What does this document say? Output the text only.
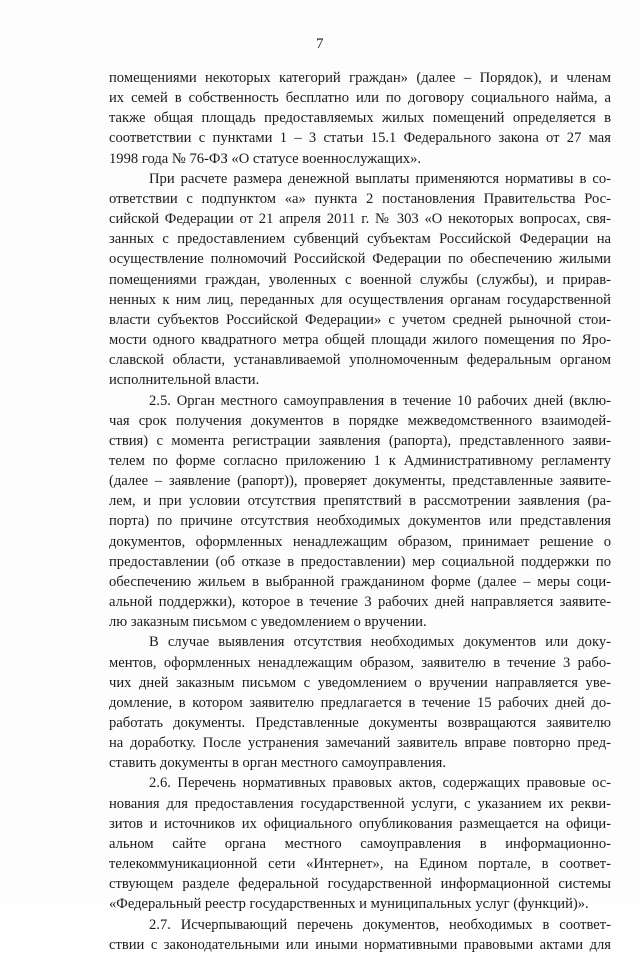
7

помещениями некоторых категорий граждан» (далее – Порядок), и членам

их семей в собственность бесплатно или по договору социального найма, а

также общая площадь предоставляемых жилых помещений определяется в

соответствии с пунктами 1 – 3 статьи 15.1 Федерального закона от 27 мая

1998 года № 76-ФЗ «О статусе военнослужащих».

При расчете размера денежной выплаты применяются нормативы в со-

ответствии с подпунктом «а» пункта 2 постановления Правительства Рос-

сийской Федерации от 21 апреля 2011 г. № 303 «О некоторых вопросах, свя-

занных с предоставлением субвенций субъектам Российской Федерации на

осуществление полномочий Российской Федерации по обеспечению жилыми

помещениями граждан, уволенных с военной службы (службы), и прирав-

ненных к ним лиц, переданных для осуществления органам государственной

власти субъектов Российской Федерации» с учетом средней рыночной стои-

мости одного квадратного метра общей площади жилого помещения по Яро-

славской области, устанавливаемой уполномоченным федеральным органом

исполнительной власти.

2.5. Орган местного самоуправления в течение 10 рабочих дней (вклю-

чая срок получения документов в порядке межведомственного взаимодей-

ствия) с момента регистрации заявления (рапорта), представленного заяви-

телем по форме согласно приложению 1 к Административному регламенту

(далее – заявление (рапорт)), проверяет документы, представленные заявите-

лем, и при условии отсутствия препятствий в рассмотрении заявления (ра-

порта) по причине отсутствия необходимых документов или представления

документов, оформленных ненадлежащим образом, принимает решение о

предоставлении (об отказе в предоставлении) мер социальной поддержки по

обеспечению жильем в выбранной гражданином форме (далее – меры соци-

альной поддержки), которое в течение 3 рабочих дней направляется заявите-

лю заказным письмом с уведомлением о вручении.

В случае выявления отсутствия необходимых документов или доку-

ментов, оформленных ненадлежащим образом, заявителю в течение 3 рабо-

чих дней заказным письмом с уведомлением о вручении направляется уве-

домление, в котором заявителю предлагается в течение 15 рабочих дней до-

работать документы. Представленные документы возвращаются заявителю

на доработку. После устранения замечаний заявитель вправе повторно пред-

ставить документы в орган местного самоуправления.

2.6. Перечень нормативных правовых актов, содержащих правовые ос-

нования для предоставления государственной услуги, с указанием их рекви-

зитов и источников их официального опубликования размещается на офици-

альном сайте органа местного самоуправления в информационно-

телекоммуникационной сети «Интернет», на Едином портале, в соответ-

ствующем разделе федеральной государственной информационной системы

«Федеральный реестр государственных и муниципальных услуг (функций)».

2.7. Исчерпывающий перечень документов, необходимых в соответ-

ствии с законодательными или иными нормативными правовыми актами для
